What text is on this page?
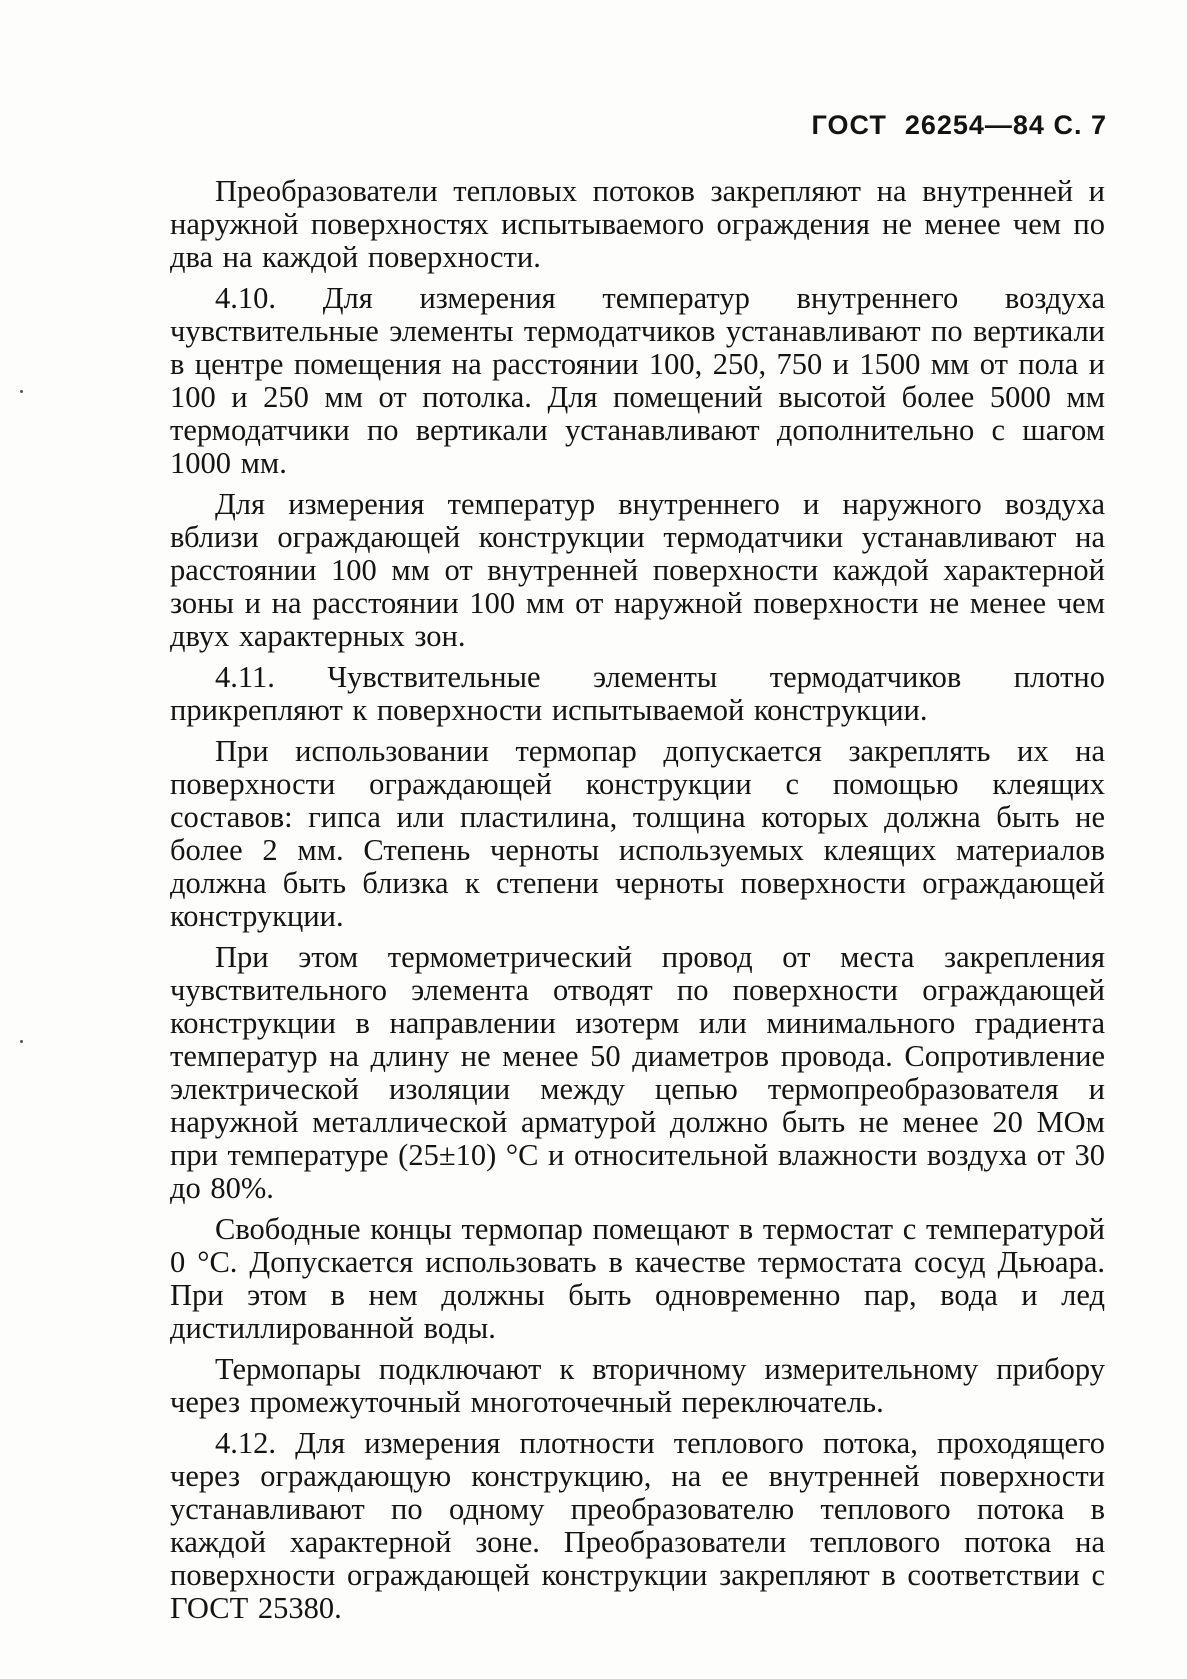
ГОСТ 26254—84 С. 7

Преобразователи тепловых потоков закрепляют на внутренней и наружной поверхностях испытываемого ограждения не менее чем по два на каждой поверхности.

4.10. Для измерения температур внутреннего воздуха чувствительные элементы термодатчиков устанавливают по вертикали в центре помещения на расстоянии 100, 250, 750 и 1500 мм от пола и 100 и 250 мм от потолка. Для помещений высотой более 5000 мм термодатчики по вертикали устанавливают дополнительно с шагом 1000 мм.

Для измерения температур внутреннего и наружного воздуха вблизи ограждающей конструкции термодатчики устанавливают на расстоянии 100 мм от внутренней поверхности каждой характерной зоны и на расстоянии 100 мм от наружной поверхности не менее чем двух характерных зон.

4.11. Чувствительные элементы термодатчиков плотно прикрепляют к поверхности испытываемой конструкции.

При использовании термопар допускается закреплять их на поверхности ограждающей конструкции с помощью клеящих составов: гипса или пластилина, толщина которых должна быть не более 2 мм. Степень черноты используемых клеящих материалов должна быть близка к степени черноты поверхности ограждающей конструкции.

При этом термометрический провод от места закрепления чувствительного элемента отводят по поверхности ограждающей конструкции в направлении изотерм или минимального градиента температур на длину не менее 50 диаметров провода. Сопротивление электрической изоляции между цепью термопреобразователя и наружной металлической арматурой должно быть не менее 20 МОм при температуре (25±10) °С и относительной влажности воздуха от 30 до 80%.

Свободные концы термопар помещают в термостат с температурой 0 °С. Допускается использовать в качестве термостата сосуд Дьюара. При этом в нем должны быть одновременно пар, вода и лед дистиллированной воды.

Термопары подключают к вторичному измерительному прибору через промежуточный многоточечный переключатель.

4.12. Для измерения плотности теплового потока, проходящего через ограждающую конструкцию, на ее внутренней поверхности устанавливают по одному преобразователю теплового потока в каждой характерной зоне. Преобразователи теплового потока на поверхности ограждающей конструкции закрепляют в соответствии с ГОСТ 25380.
